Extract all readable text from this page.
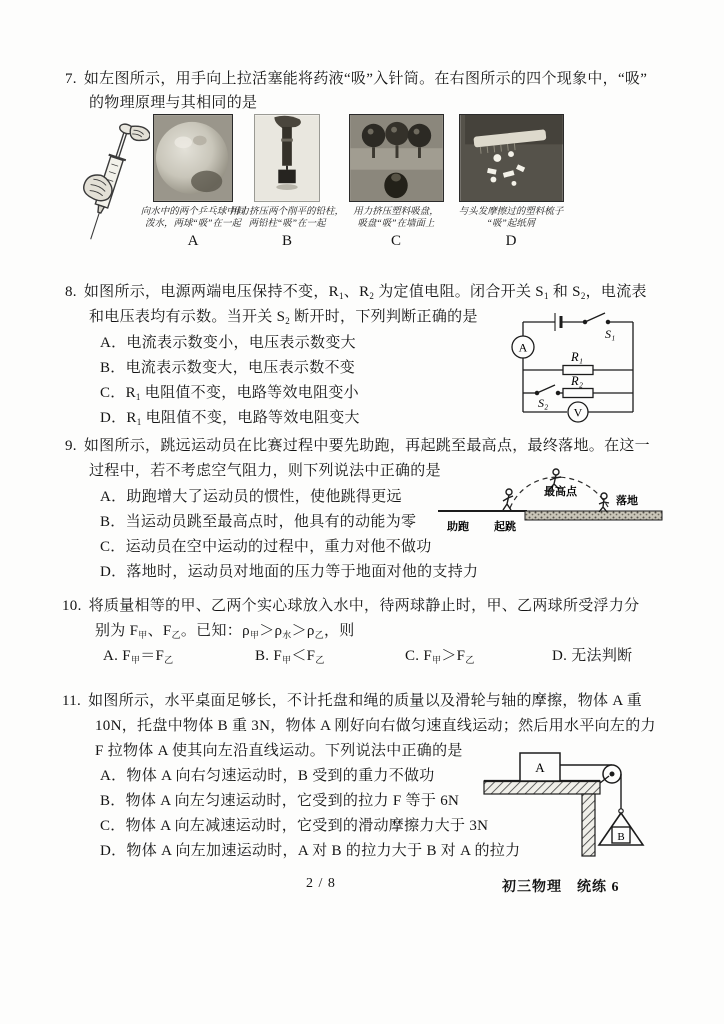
7. 如左图所示，用手向上拉活塞能将药液“吸”入针筒。在右图所示的四个现象中，“吸”
的物理原理与其相同的是
向水中的两个乒乓球中间
泼水，两球“吸”在一起
A
用力挤压两个削平的铅柱，
两铅柱“吸”在一起
B
用力挤压塑料吸盘，
吸盘“吸”在墙面上
C
与头发摩擦过的塑料梳子
“吸”起纸屑
D
8. 如图所示，电源两端电压保持不变，$R_1$、$R_2$ 为定值电阻。闭合开关 $S_1$ 和 $S_2$，电流表
和电压表均有示数。当开关 $S_2$ 断开时，下列判断正确的是
A．电流表示数变小，电压表示数变大
B．电流表示数变大，电压表示数不变
C．$R_1$ 电阻值不变，电路等效电阻变小
D．$R_1$ 电阻值不变，电路等效电阻变大
A
V
S₁
S₂
R₁
R₂
9. 如图所示，跳远运动员在比赛过程中要先助跑，再起跳至最高点，最终落地。在这一
过程中，若不考虑空气阻力，则下列说法中正确的是
A．助跑增大了运动员的惯性，使他跳得更远
B．当运动员跳至最高点时，他具有的动能为零
C．运动员在空中运动的过程中，重力对他不做功
D．落地时，运动员对地面的压力等于地面对他的支持力
助跑 起跳
最高点
落地
10. 将质量相等的甲、乙两个实心球放入水中，待两球静止时，甲、乙两球所受浮力分
别为 $F_甲$、$F_乙$。已知：$\rho_甲>\rho_水>\rho_乙$，则
A. $F_甲=F_乙$	B. $F_甲<F_乙$	C. $F_甲>F_乙$	D. 无法判断
11. 如图所示，水平桌面足够长，不计托盘和绳的质量以及滑轮与轴的摩擦，物体 A 重
10N，托盘中物体 B 重 3N，物体 A 刚好向右做匀速直线运动；然后用水平向左的力
F 拉物体 A 使其向左沿直线运动。下列说法中正确的是
A．物体 A 向右匀速运动时，B 受到的重力不做功
B．物体 A 向左匀速运动时，它受到的拉力 F 等于 6N
C．物体 A 向左减速运动时，它受到的滑动摩擦力大于 3N
D．物体 A 向左加速运动时，A 对 B 的拉力大于 B 对 A 的拉力
A
B
2 / 8	初三物理　统练 6
